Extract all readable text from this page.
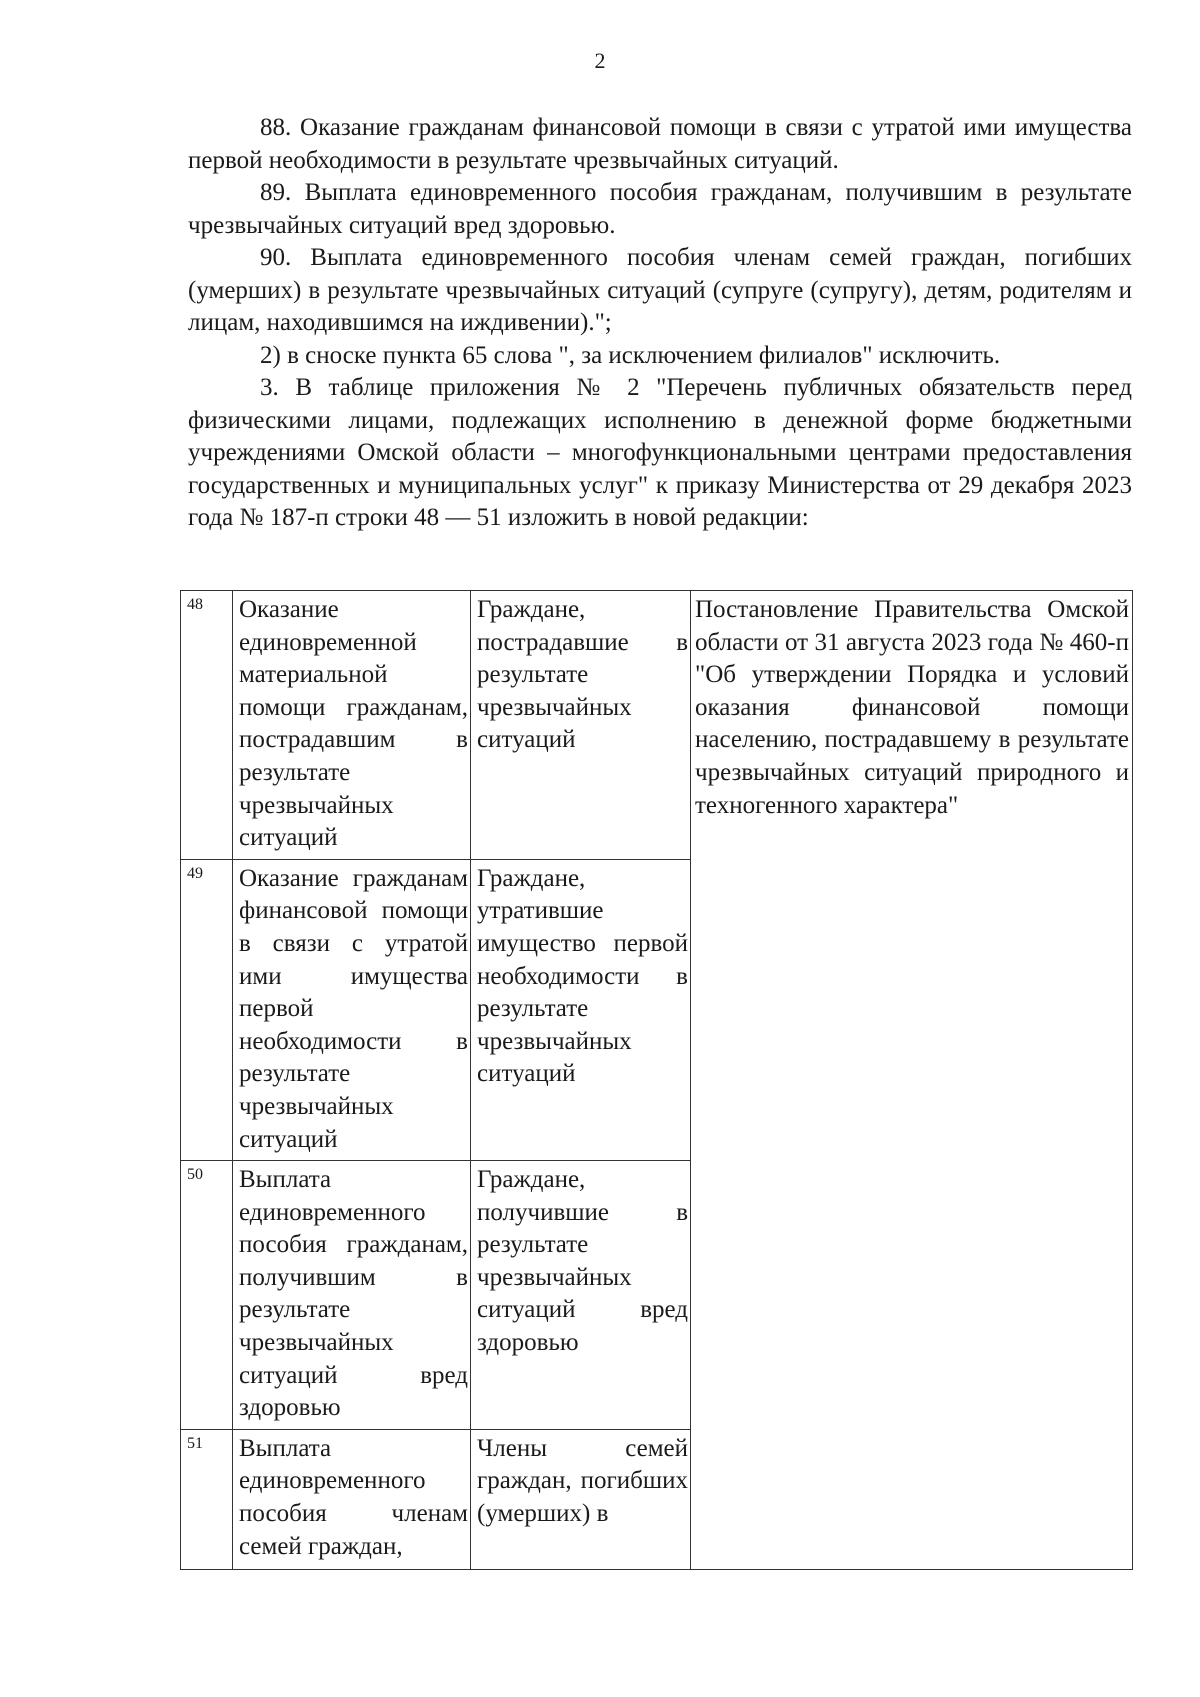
2

88. Оказание гражданам финансовой помощи в связи с утратой ими имущества первой необходимости в результате чрезвычайных ситуаций.

89. Выплата единовременного пособия гражданам, получившим в результате чрезвычайных ситуаций вред здоровью.

90. Выплата единовременного пособия членам семей граждан, погибших (умерших) в результате чрезвычайных ситуаций (супруге (супругу), детям, родителям и лицам, находившимся на иждивении).";

2) в сноске пункта 65 слова ", за исключением филиалов" исключить.

3. В таблице приложения № 2 "Перечень публичных обязательств перед физическими лицами, подлежащих исполнению в денежной форме бюджетными учреждениями Омской области – многофункциональными центрами предоставления государственных и муниципальных услуг" к приказу Министерства от 29 декабря 2023 года № 187-п строки 48 — 51 изложить в новой редакции:

48	Оказание единовременной материальной помощи гражданам, пострадавшим в результате чрезвычайных ситуаций	Граждане, пострадавшие в результате чрезвычайных ситуаций	Постановление Правительства Омской области от 31 августа 2023 года № 460-п "Об утверждении Порядка и условий оказания финансовой помощи населению, пострадавшему в результате чрезвычайных ситуаций природного и техногенного характера"
49	Оказание гражданам финансовой помощи в связи с утратой ими имущества первой необходимости в результате чрезвычайных ситуаций	Граждане, утратившие имущество первой необходимости в результате чрезвычайных ситуаций	
50	Выплата единовременного пособия гражданам, получившим в результате чрезвычайных ситуаций вред здоровью	Граждане, получившие в результате чрезвычайных ситуаций вред здоровью	
51	Выплата единовременного пособия членам семей граждан,	Члены семей граждан, погибших (умерших) в	
